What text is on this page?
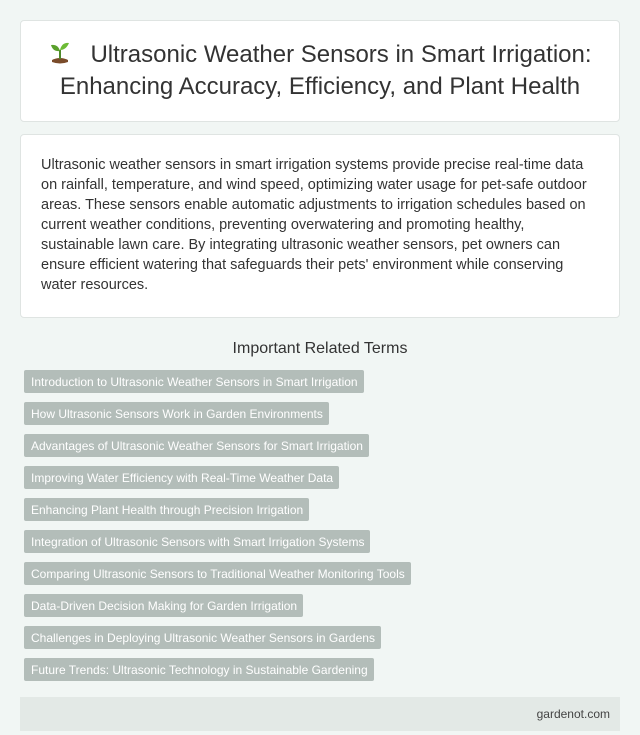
Ultrasonic Weather Sensors in Smart Irrigation: Enhancing Accuracy, Efficiency, and Plant Health

Ultrasonic weather sensors in smart irrigation systems provide precise real-time data on rainfall, temperature, and wind speed, optimizing water usage for pet-safe outdoor areas. These sensors enable automatic adjustments to irrigation schedules based on current weather conditions, preventing overwatering and promoting healthy, sustainable lawn care. By integrating ultrasonic weather sensors, pet owners can ensure efficient watering that safeguards their pets' environment while conserving water resources.

Important Related Terms
Introduction to Ultrasonic Weather Sensors in Smart Irrigation
How Ultrasonic Sensors Work in Garden Environments
Advantages of Ultrasonic Weather Sensors for Smart Irrigation
Improving Water Efficiency with Real-Time Weather Data
Enhancing Plant Health through Precision Irrigation
Integration of Ultrasonic Sensors with Smart Irrigation Systems
Comparing Ultrasonic Sensors to Traditional Weather Monitoring Tools
Data-Driven Decision Making for Garden Irrigation
Challenges in Deploying Ultrasonic Weather Sensors in Gardens
Future Trends: Ultrasonic Technology in Sustainable Gardening
gardenot.com
